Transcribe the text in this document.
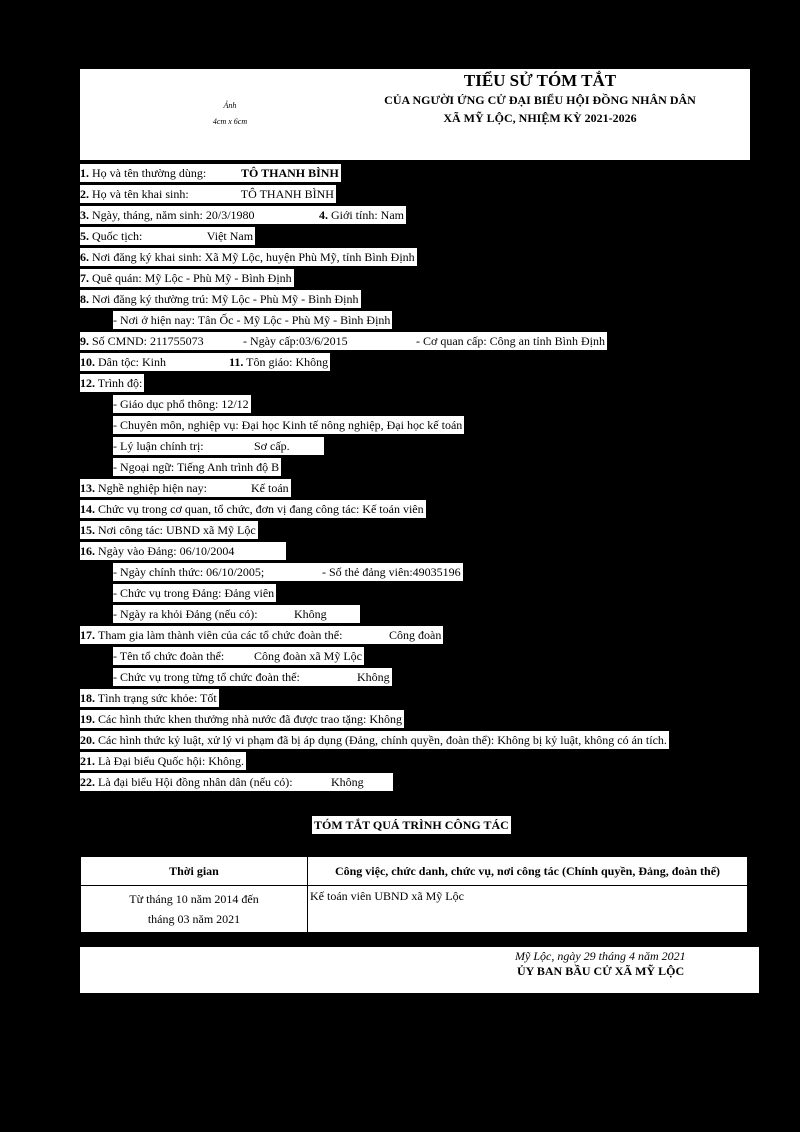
Ảnh
4cm x 6cm
TIỂU SỬ TÓM TẮT
CỦA NGƯỜI ỨNG CỬ ĐẠI BIỂU HỘI ĐỒNG NHÂN DÂN
XÃ MỸ LỘC, NHIỆM KỲ 2021-2026
1. Họ và tên thường dùng:	TÔ THANH BÌNH
2. Họ và tên khai sinh:	TÔ THANH BÌNH
3. Ngày, tháng, năm sinh: 20/3/1980	4. Giới tính: Nam
5. Quốc tịch:	Việt Nam
6. Nơi đăng ký khai sinh: Xã Mỹ Lộc, huyện Phù Mỹ, tỉnh Bình Định
7. Quê quán: Mỹ Lộc - Phù Mỹ - Bình Định
8. Nơi đăng ký thường trú: Mỹ Lộc - Phù Mỹ - Bình Định
- Nơi ở hiện nay: Tân Ốc - Mỹ Lộc - Phù Mỹ - Bình Định
9. Số CMND: 211755073	- Ngày cấp:03/6/2015	- Cơ quan cấp: Công an tỉnh Bình Định
10. Dân tộc: Kinh	11. Tôn giáo: Không
12. Trình độ:
- Giáo dục phổ thông: 12/12
- Chuyên môn, nghiệp vụ: Đại học Kinh tế nông nghiệp, Đại học kế toán
- Lý luận chính trị:	Sơ cấp.
- Ngoại ngữ: Tiếng Anh trình độ B
13. Nghề nghiệp hiện nay:	Kế toán
14. Chức vụ trong cơ quan, tổ chức, đơn vị đang công tác: Kế toán viên
15. Nơi công tác: UBND xã Mỹ Lộc
16. Ngày vào Đảng: 06/10/2004
- Ngày chính thức: 06/10/2005;	- Số thẻ đảng viên:49035196
- Chức vụ trong Đảng: Đảng viên
- Ngày ra khỏi Đảng (nếu có):	Không
17. Tham gia làm thành viên của các tổ chức đoàn thể:	Công đoàn
- Tên tổ chức đoàn thể: Công đoàn xã Mỹ Lộc
- Chức vụ trong từng tổ chức đoàn thể:	Không
18. Tình trạng sức khỏe: Tốt
19. Các hình thức khen thưởng nhà nước đã được trao tặng: Không
20. Các hình thức kỷ luật, xử lý vi phạm đã bị áp dụng (Đảng, chính quyền, đoàn thể): Không bị kỷ luật, không có án tích.
21. Là Đại biểu Quốc hội: Không.
22. Là đại biểu Hội đồng nhân dân (nếu có):	Không
TÓM TẮT QUÁ TRÌNH CÔNG TÁC
Thời gian	Công việc, chức danh, chức vụ, nơi công tác (Chính quyền, Đảng, đoàn thể)

Từ tháng 10 năm 2014 đến
tháng 03 năm 2021	Kế toán viên UBND xã Mỹ Lộc
Mỹ Lộc, ngày 29 tháng 4 năm 2021
ỦY BAN BẦU CỬ XÃ MỸ LỘC
